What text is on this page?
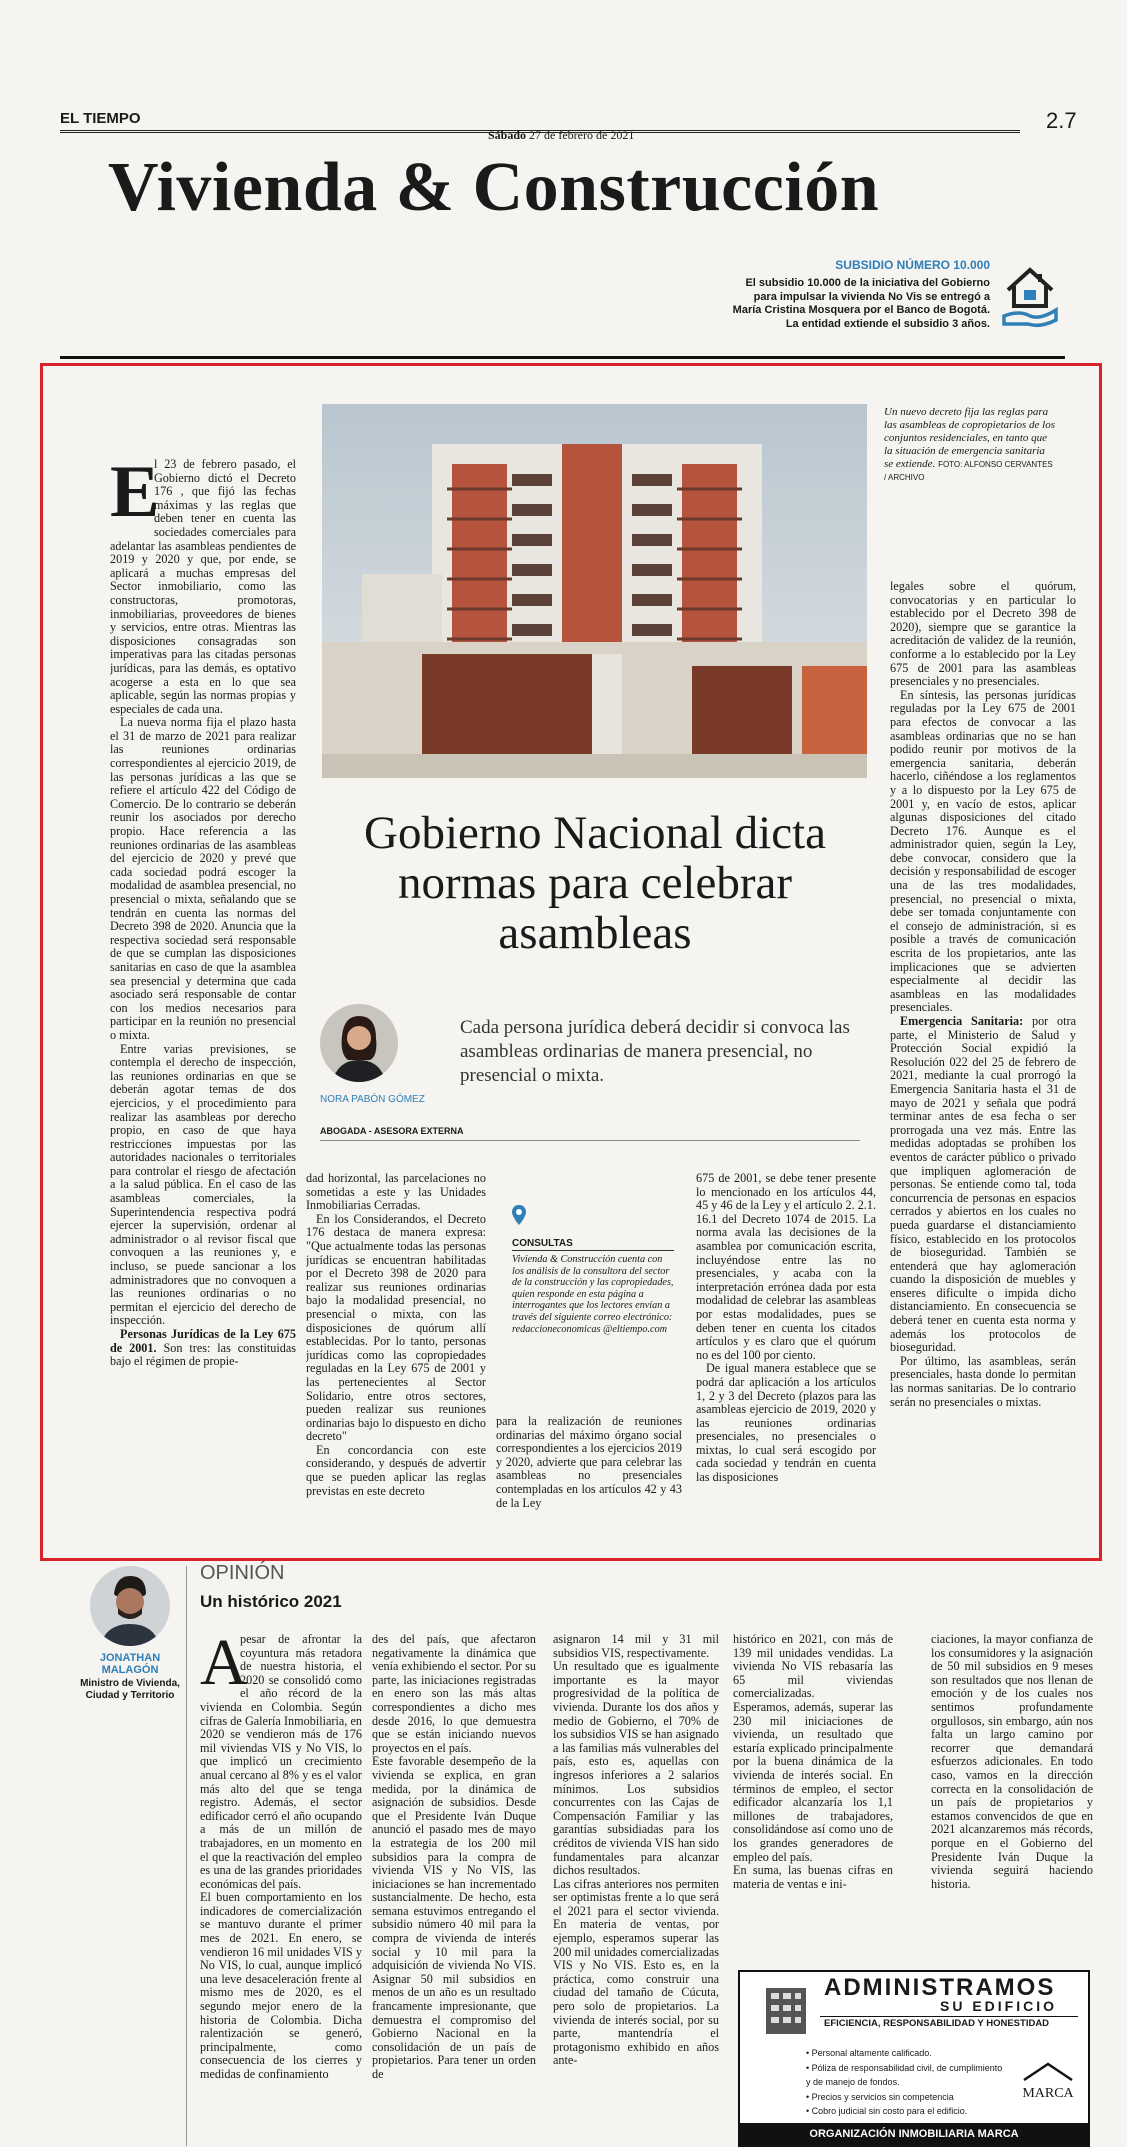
EL TIEMPO
Sábado 27 de febrero de 2021
2.7
Vivienda & Construcción
SUBSIDIO NÚMERO 10.000
El subsidio 10.000 de la iniciativa del Gobierno para impulsar la vivienda No Vis se entregó a María Cristina Mosquera por el Banco de Bogotá. La entidad extiende el subsidio 3 años.
Un nuevo decreto fija las reglas para las asambleas de copropietarios de los conjuntos residenciales, en tanto que la situación de emergencia sanitaria se extiende. FOTO: ALFONSO CERVANTES / ARCHIVO
Gobierno Nacional dicta normas para celebrar asambleas
NORA PABÓN GÓMEZ
ABOGADA - ASESORA EXTERNA
Cada persona jurídica deberá decidir si convoca las asambleas ordinarias de manera presencial, no presencial o mixta.
E

l 23 de febrero pasado, el Gobierno dictó el Decreto 176 , que fijó las fechas máximas y las reglas que deben tener en cuenta las sociedades comerciales para adelantar las asambleas pendientes de 2019 y 2020 y que, por ende, se aplicará a muchas empresas del Sector inmobiliario, como las constructoras, promotoras, inmobiliarias, proveedores de bienes y servicios, entre otras. Mientras las disposiciones consagradas son imperativas para las citadas personas jurídicas, para las demás, es optativo acogerse a esta en lo que sea aplicable, según las normas propias y especiales de cada una.

La nueva norma fija el plazo hasta el 31 de marzo de 2021 para realizar las reuniones ordinarias correspondientes al ejercicio 2019, de las personas jurídicas a las que se refiere el artículo 422 del Código de Comercio. De lo contrario se deberán reunir los asociados por derecho propio. Hace referencia a las reuniones ordinarias de las asambleas del ejercicio de 2020 y prevé que cada sociedad podrá escoger la modalidad de asamblea presencial, no presencial o mixta, señalando que se tendrán en cuenta las normas del Decreto 398 de 2020. Anuncia que la respectiva sociedad será responsable de que se cumplan las disposiciones sanitarias en caso de que la asamblea sea presencial y determina que cada asociado será responsable de contar con los medios necesarios para participar en la reunión no presencial o mixta.

Entre varias previsiones, se contempla el derecho de inspección, las reuniones ordinarias en que se deberán agotar temas de dos ejercicios, y el procedimiento para realizar las asambleas por derecho propio, en caso de que haya restricciones impuestas por las autoridades nacionales o territoriales para controlar el riesgo de afectación a la salud pública. En el caso de las asambleas comerciales, la Superintendencia respectiva podrá ejercer la supervisión, ordenar al administrador o al revisor fiscal que convoquen a las reuniones y, e incluso, se puede sancionar a los administradores que no convoquen a las reuniones ordinarias o no permitan el ejercicio del derecho de inspección.

Personas Jurídicas de la Ley 675 de 2001. Son tres: las constituidas bajo el régimen de propie-

dad horizontal, las parcelaciones no sometidas a este y las Unidades Inmobiliarias Cerradas.

En los Considerandos, el Decreto 176 destaca de manera expresa: "Que actualmente todas las personas jurídicas se encuentran habilitadas por el Decreto 398 de 2020 para realizar sus reuniones ordinarias bajo la modalidad presencial, no presencial o mixta, con las disposiciones de quórum allí establecidas. Por lo tanto, personas jurídicas como las copropiedades reguladas en la Ley 675 de 2001 y las pertenecientes al Sector Solidario, entre otros sectores, pueden realizar sus reuniones ordinarias bajo lo dispuesto en dicho decreto"

En concordancia con este considerando, y después de advertir que se pueden aplicar las reglas previstas en este decreto

CONSULTAS
Vivienda & Construcción cuenta con los análisis de la consultora del sector de la construcción y las copropiedades, quien responde en esta página a interrogantes que los lectores envían a través del siguiente correo electrónico: redaccioneconomicas @eltiempo.com

para la realización de reuniones ordinarias del máximo órgano social correspondientes a los ejercicios 2019 y 2020, advierte que para celebrar las asambleas no presenciales contempladas en los artículos 42 y 43 de la Ley

675 de 2001, se debe tener presente lo mencionado en los artículos 44, 45 y 46 de la Ley y el artículo 2. 2.1. 16.1 del Decreto 1074 de 2015. La norma avala las decisiones de la asamblea por comunicación escrita, incluyéndose entre las no presenciales, y acaba con la interpretación errónea dada por esta modalidad de celebrar las asambleas por estas modalidades, pues se deben tener en cuenta los citados artículos y es claro que el quórum no es del 100 por ciento.

De igual manera establece que se podrá dar aplicación a los artículos 1, 2 y 3 del Decreto (plazos para las asambleas ejercicio de 2019, 2020 y las reuniones ordinarias presenciales, no presenciales o mixtas, lo cual será escogido por cada sociedad y tendrán en cuenta las disposiciones

legales sobre el quórum, convocatorias y en particular lo establecido por el Decreto 398 de 2020), siempre que se garantice la acreditación de validez de la reunión, conforme a lo establecido por la Ley 675 de 2001 para las asambleas presenciales y no presenciales.

En síntesis, las personas jurídicas reguladas por la Ley 675 de 2001 para efectos de convocar a las asambleas ordinarias que no se han podido reunir por motivos de la emergencia sanitaria, deberán hacerlo, ciñéndose a los reglamentos y a lo dispuesto por la Ley 675 de 2001 y, en vacío de estos, aplicar algunas disposiciones del citado Decreto 176. Aunque es el administrador quien, según la Ley, debe convocar, considero que la decisión y responsabilidad de escoger una de las tres modalidades, presencial, no presencial o mixta, debe ser tomada conjuntamente con el consejo de administración, si es posible a través de comunicación escrita de los propietarios, ante las implicaciones que se advierten especialmente al decidir las asambleas en las modalidades presenciales.

Emergencia Sanitaria: por otra parte, el Ministerio de Salud y Protección Social expidió la Resolución 022 del 25 de febrero de 2021, mediante la cual prorrogó la Emergencia Sanitaria hasta el 31 de mayo de 2021 y señala que podrá terminar antes de esa fecha o ser prorrogada una vez más. Entre las medidas adoptadas se prohíben los eventos de carácter público o privado que impliquen aglomeración de personas. Se entiende como tal, toda concurrencia de personas en espacios cerrados y abiertos en los cuales no pueda guardarse el distanciamiento físico, establecido en los protocolos de bioseguridad. También se entenderá que hay aglomeración cuando la disposición de muebles y enseres dificulte o impida dicho distanciamiento. En consecuencia se deberá tener en cuenta esta norma y además los protocolos de bioseguridad.

Por último, las asambleas, serán presenciales, hasta donde lo permitan las normas sanitarias. De lo contrario serán no presenciales o mixtas.

JONATHAN MALAGÓN
Ministro de Vivienda, Ciudad y Territorio
OPINIÓN
Un histórico 2021
A

pesar de afrontar la coyuntura más retadora de nuestra historia, el 2020 se consolidó como el año récord de la vivienda en Colombia. Según cifras de Galería Inmobiliaria, en 2020 se vendieron más de 176 mil viviendas VIS y No VIS, lo que implicó un crecimiento anual cercano al 8% y es el valor más alto del que se tenga registro. Además, el sector edificador cerró el año ocupando a más de un millón de trabajadores, en un momento en el que la reactivación del empleo es una de las grandes prioridades económicas del país.

El buen comportamiento en los indicadores de comercialización se mantuvo durante el primer mes de 2021. En enero, se vendieron 16 mil unidades VIS y No VIS, lo cual, aunque implicó una leve desaceleración frente al mismo mes de 2020, es el segundo mejor enero de la historia de Colombia. Dicha ralentización se generó, principalmente, como consecuencia de los cierres y medidas de confinamiento

des del país, que afectaron negativamente la dinámica que venía exhibiendo el sector. Por su parte, las iniciaciones registradas en enero son las más altas correspondientes a dicho mes desde 2016, lo que demuestra que se están iniciando nuevos proyectos en el país.

Este favorable desempeño de la vivienda se explica, en gran medida, por la dinámica de asignación de subsidios. Desde que el Presidente Iván Duque anunció el pasado mes de mayo la estrategia de los 200 mil subsidios para la compra de vivienda VIS y No VIS, las iniciaciones se han incrementado sustancialmente. De hecho, esta semana estuvimos entregando el subsidio número 40 mil para la compra de vivienda de interés social y 10 mil para la adquisición de vivienda No VIS. Asignar 50 mil subsidios en menos de un año es un resultado francamente impresionante, que demuestra el compromiso del Gobierno Nacional en la consolidación de un país de propietarios. Para tener un orden de

asignaron 14 mil y 31 mil subsidios VIS, respectivamente.

Un resultado que es igualmente importante es la mayor progresividad de la política de vivienda. Durante los dos años y medio de Gobierno, el 70% de los subsidios VIS se han asignado a las familias más vulnerables del país, esto es, aquellas con ingresos inferiores a 2 salarios mínimos. Los subsidios concurrentes con las Cajas de Compensación Familiar y las garantías subsidiadas para los créditos de vivienda VIS han sido fundamentales para alcanzar dichos resultados.

Las cifras anteriores nos permiten ser optimistas frente a lo que será el 2021 para el sector vivienda. En materia de ventas, por ejemplo, esperamos superar las 200 mil unidades comercializadas VIS y No VIS. Esto es, en la práctica, como construir una ciudad del tamaño de Cúcuta, pero solo de propietarios. La vivienda de interés social, por su parte, mantendría el protagonismo exhibido en años ante-

histórico en 2021, con más de 139 mil unidades vendidas. La vivienda No VIS rebasaría las 65 mil viviendas comercializadas.

Esperamos, además, superar las 230 mil iniciaciones de vivienda, un resultado que estaría explicado principalmente por la buena dinámica de la vivienda de interés social. En términos de empleo, el sector edificador alcanzaría los 1,1 millones de trabajadores, consolidándose así como uno de los grandes generadores de empleo del país.

En suma, las buenas cifras en materia de ventas e ini-

ciaciones, la mayor confianza de los consumidores y la asignación de 50 mil subsidios en 9 meses son resultados que nos llenan de emoción y de los cuales nos sentimos profundamente orgullosos, sin embargo, aún nos falta un largo camino por recorrer que demandará esfuerzos adicionales. En todo caso, vamos en la dirección correcta en la consolidación de un país de propietarios y estamos convencidos de que en 2021 alcanzaremos más récords, porque en el Gobierno del Presidente Iván Duque la vivienda seguirá haciendo historia.

ADMINISTRAMOS
SU EDIFICIO
EFICIENCIA, RESPONSABILIDAD Y HONESTIDAD
• Personal altamente calificado.
• Póliza de responsabilidad civil, de cumplimiento y de manejo de fondos.
• Precios y servicios sin competencia
• Cobro judicial sin costo para el edificio.
MARCA
ORGANIZACIÓN INMOBILIARIA MARCA
